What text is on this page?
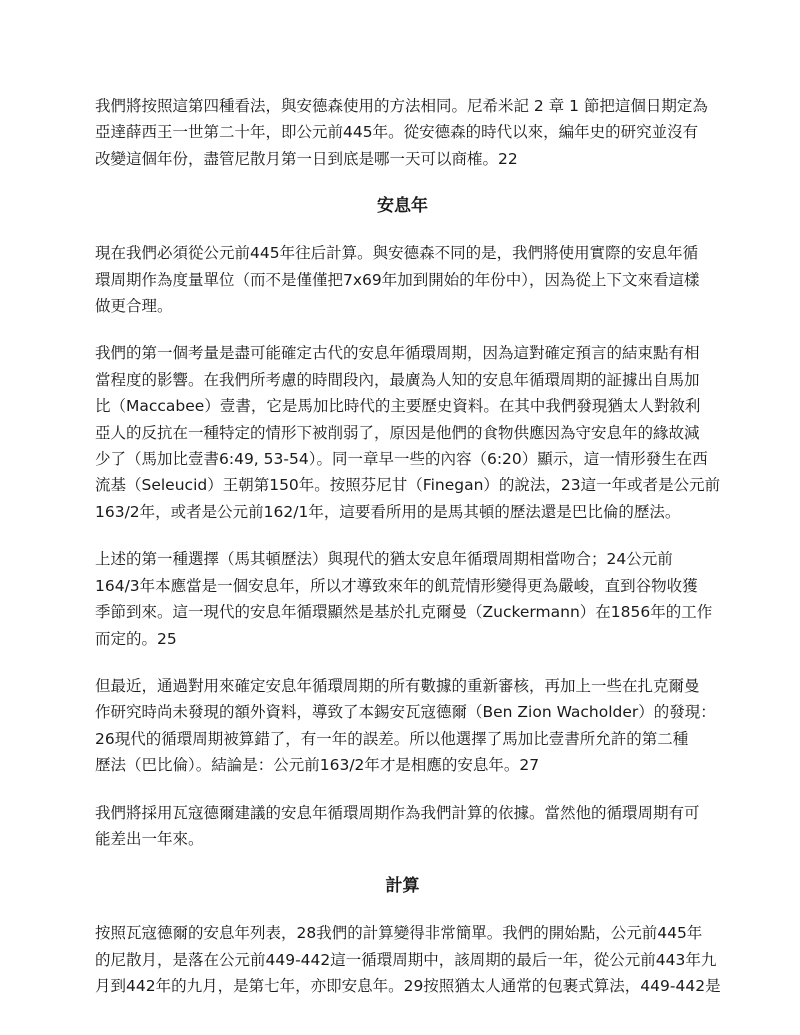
我們將按照這第四種看法，與安德森使用的方法相同。尼希米記 2 章 1 節把這個日期定為
亞達薛西王一世第二十年，即公元前445年。從安德森的時代以來，編年史的研究並沒有
改變這個年份，盡管尼散月第一日到底是哪一天可以商榷。22

安息年

現在我們必須從公元前445年往后計算。與安德森不同的是，我們將使用實際的安息年循
環周期作為度量單位（而不是僅僅把7x69年加到開始的年份中），因為從上下文來看這樣
做更合理。

我們的第一個考量是盡可能確定古代的安息年循環周期，因為這對確定預言的結束點有相
當程度的影響。在我們所考慮的時間段內，最廣為人知的安息年循環周期的証據出自馬加
比（Maccabee）壹書，它是馬加比時代的主要歷史資料。在其中我們發現猶太人對敘利
亞人的反抗在一種特定的情形下被削弱了，原因是他們的食物供應因為守安息年的緣故減
少了（馬加比壹書6:49, 53-54）。同一章早一些的內容（6:20）顯示，這一情形發生在西
流基（Seleucid）王朝第150年。按照芬尼甘（Finegan）的說法，23這一年或者是公元前
163/2年，或者是公元前162/1年，這要看所用的是馬其頓的歷法還是巴比倫的歷法。

上述的第一種選擇（馬其頓歷法）與現代的猶太安息年循環周期相當吻合；24公元前
164/3年本應當是一個安息年，所以才導致來年的飢荒情形變得更為嚴峻，直到谷物收獲
季節到來。這一現代的安息年循環顯然是基於扎克爾曼（Zuckermann）在1856年的工作
而定的。25

但最近，通過對用來確定安息年循環周期的所有數據的重新審核，再加上一些在扎克爾曼
作研究時尚未發現的額外資料，導致了本錫安瓦寇德爾（Ben Zion Wacholder）的發現：
26現代的循環周期被算錯了，有一年的誤差。所以他選擇了馬加比壹書所允許的第二種
歷法（巴比倫）。結論是：公元前163/2年才是相應的安息年。27

我們將採用瓦寇德爾建議的安息年循環周期作為我們計算的依據。當然他的循環周期有可
能差出一年來。

計算

按照瓦寇德爾的安息年列表，28我們的計算變得非常簡單。我們的開始點，公元前445年
的尼散月，是落在公元前449-442這一循環周期中，該周期的最后一年，從公元前443年九
月到442年的九月，是第七年，亦即安息年。29按照猶太人通常的包裹式算法，449-442是
